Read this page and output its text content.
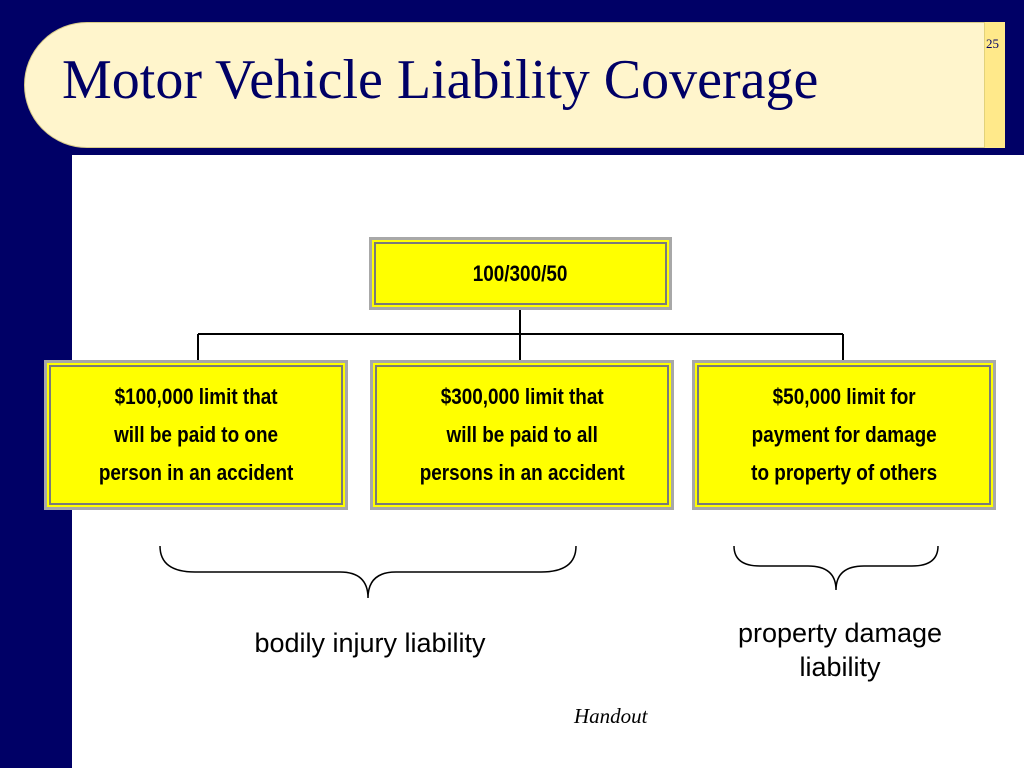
25
Motor Vehicle Liability Coverage
100/300/50
$100,000 limit that
will be paid to one
person in an accident
$300,000 limit that
will be paid to all
persons in an accident
$50,000 limit for
payment for damage
to property of others
bodily injury liability	property damage
liability
Handout
